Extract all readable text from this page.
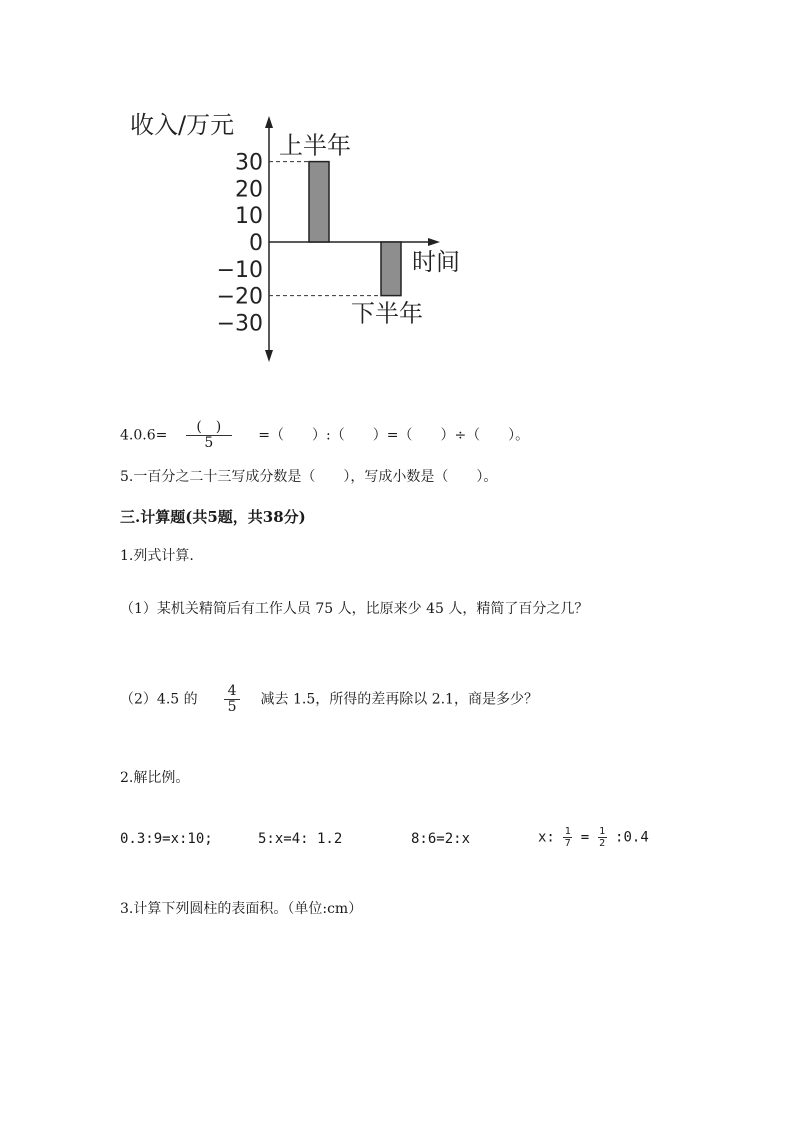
收入/万元
时间
30
20
10
0
−10
−20
−30
上半年
下半年
$4.0.6= \frac{( )}{5}$ =（　　）:（　　）=（　　）÷（　　）。
5.一百分之二十三写成分数是（　　），写成小数是（　　）。
三.计算题(共5题，共38分)
1.列式计算.
（1）某机关精简后有工作人员 75 人，比原来少 45 人，精简了百分之几？
（2）4.5 的 $\frac{4}{5}$ 减去 1.5，所得的差再除以 2.1，商是多少？
2.解比例。
0.3:9=x:10;	5:x=4: 1.2	8:6=2:x	x: $\frac{1}{7} = \frac{1}{2}$ :0.4
3.计算下列圆柱的表面积。（单位:cm）
